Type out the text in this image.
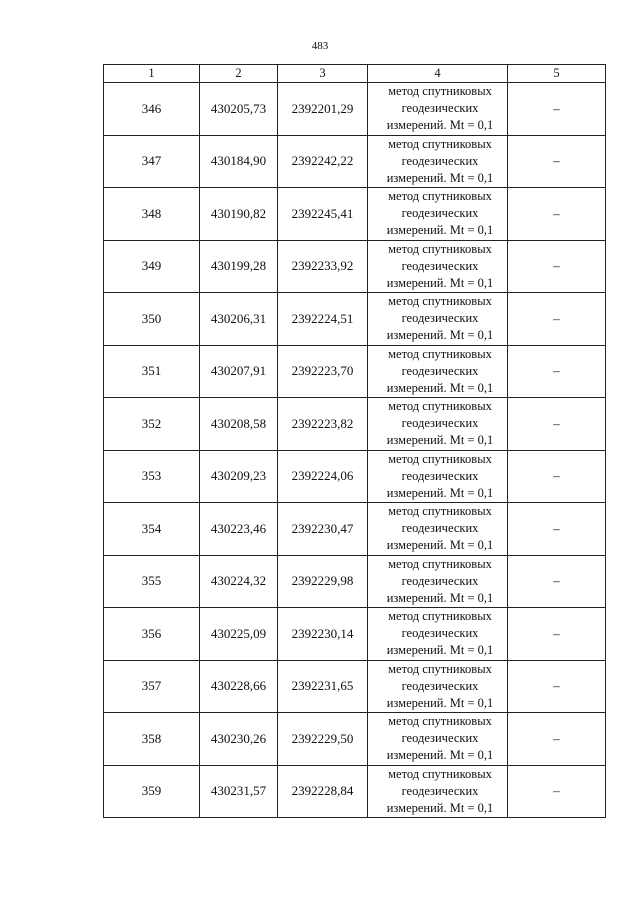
483
1	2	3	4	5
346	430205,73	2392201,29	метод спутниковых
геодезических
измерений. Mt = 0,1	–
347	430184,90	2392242,22	метод спутниковых
геодезических
измерений. Mt = 0,1	–
348	430190,82	2392245,41	метод спутниковых
геодезических
измерений. Mt = 0,1	–
349	430199,28	2392233,92	метод спутниковых
геодезических
измерений. Mt = 0,1	–
350	430206,31	2392224,51	метод спутниковых
геодезических
измерений. Mt = 0,1	–
351	430207,91	2392223,70	метод спутниковых
геодезических
измерений. Mt = 0,1	–
352	430208,58	2392223,82	метод спутниковых
геодезических
измерений. Mt = 0,1	–
353	430209,23	2392224,06	метод спутниковых
геодезических
измерений. Mt = 0,1	–
354	430223,46	2392230,47	метод спутниковых
геодезических
измерений. Mt = 0,1	–
355	430224,32	2392229,98	метод спутниковых
геодезических
измерений. Mt = 0,1	–
356	430225,09	2392230,14	метод спутниковых
геодезических
измерений. Mt = 0,1	–
357	430228,66	2392231,65	метод спутниковых
геодезических
измерений. Mt = 0,1	–
358	430230,26	2392229,50	метод спутниковых
геодезических
измерений. Mt = 0,1	–
359	430231,57	2392228,84	метод спутниковых
геодезических
измерений. Mt = 0,1	–
